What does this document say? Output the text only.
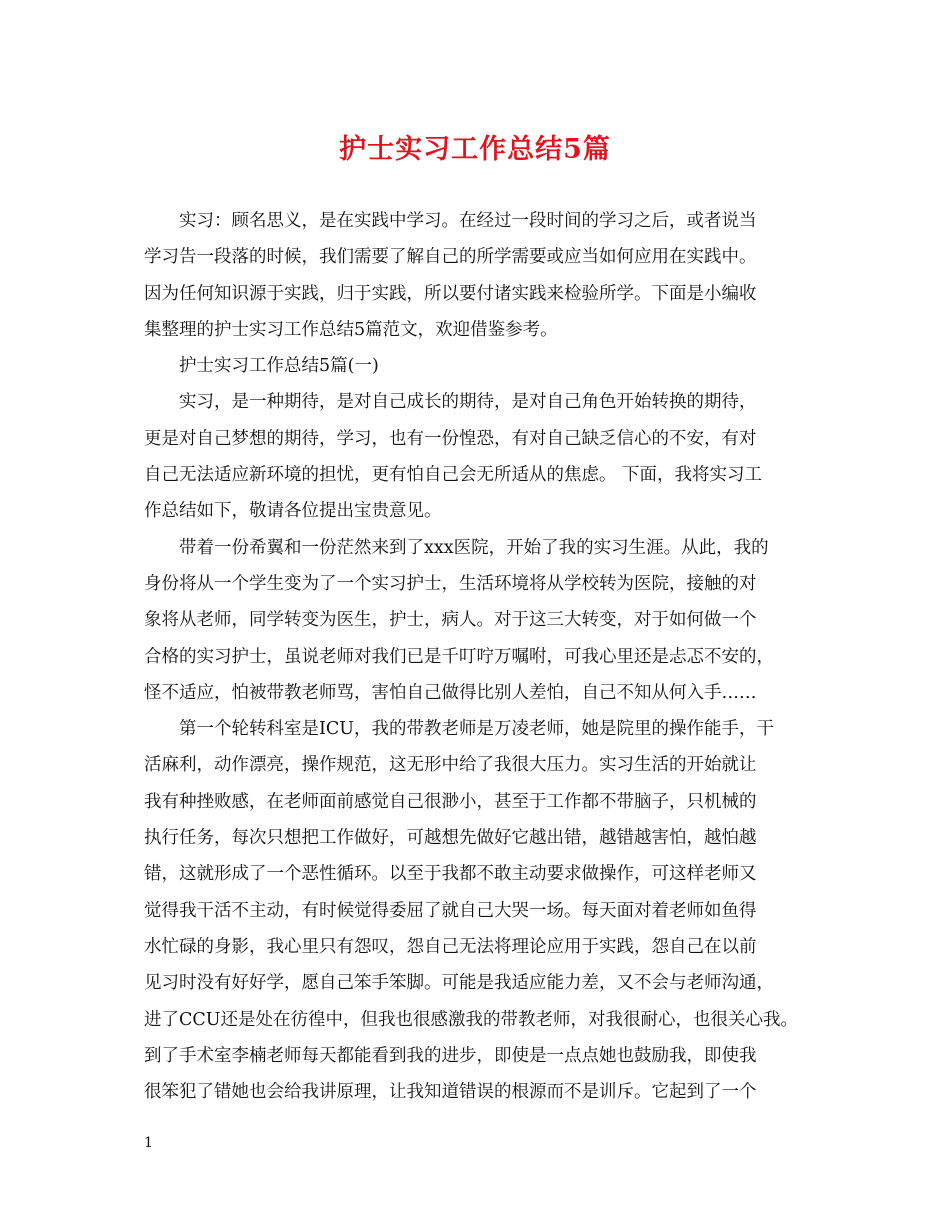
护士实习工作总结5篇
实习：顾名思义，是在实践中学习。在经过一段时间的学习之后，或者说当
学习告一段落的时候，我们需要了解自己的所学需要或应当如何应用在实践中。
因为任何知识源于实践，归于实践，所以要付诸实践来检验所学。下面是小编收
集整理的护士实习工作总结5篇范文，欢迎借鉴参考。
护士实习工作总结5篇(一)
实习，是一种期待，是对自己成长的期待，是对自己角色开始转换的期待，
更是对自己梦想的期待，学习，也有一份惶恐，有对自己缺乏信心的不安，有对
自己无法适应新环境的担忧，更有怕自己会无所适从的焦虑。 下面，我将实习工
作总结如下，敬请各位提出宝贵意见。
带着一份希翼和一份茫然来到了xxx医院，开始了我的实习生涯。从此，我的
身份将从一个学生变为了一个实习护士，生活环境将从学校转为医院，接触的对
象将从老师，同学转变为医生，护士，病人。对于这三大转变，对于如何做一个
合格的实习护士，虽说老师对我们已是千叮咛万嘱咐，可我心里还是忐忑不安的，
怪不适应，怕被带教老师骂，害怕自己做得比别人差怕，自己不知从何入手……
第一个轮转科室是ICU，我的带教老师是万凌老师，她是院里的操作能手，干
活麻利，动作漂亮，操作规范，这无形中给了我很大压力。实习生活的开始就让
我有种挫败感，在老师面前感觉自己很渺小，甚至于工作都不带脑子，只机械的
执行任务，每次只想把工作做好，可越想先做好它越出错，越错越害怕，越怕越
错，这就形成了一个恶性循环。以至于我都不敢主动要求做操作，可这样老师又
觉得我干活不主动，有时候觉得委屈了就自己大哭一场。每天面对着老师如鱼得
水忙碌的身影，我心里只有怨叹，怨自己无法将理论应用于实践，怨自己在以前
见习时没有好好学，愿自己笨手笨脚。可能是我适应能力差，又不会与老师沟通，
进了CCU还是处在彷徨中，但我也很感激我的带教老师，对我很耐心，也很关心我。
到了手术室李楠老师每天都能看到我的进步，即使是一点点她也鼓励我，即使我
很笨犯了错她也会给我讲原理，让我知道错误的根源而不是训斥。它起到了一个
1
